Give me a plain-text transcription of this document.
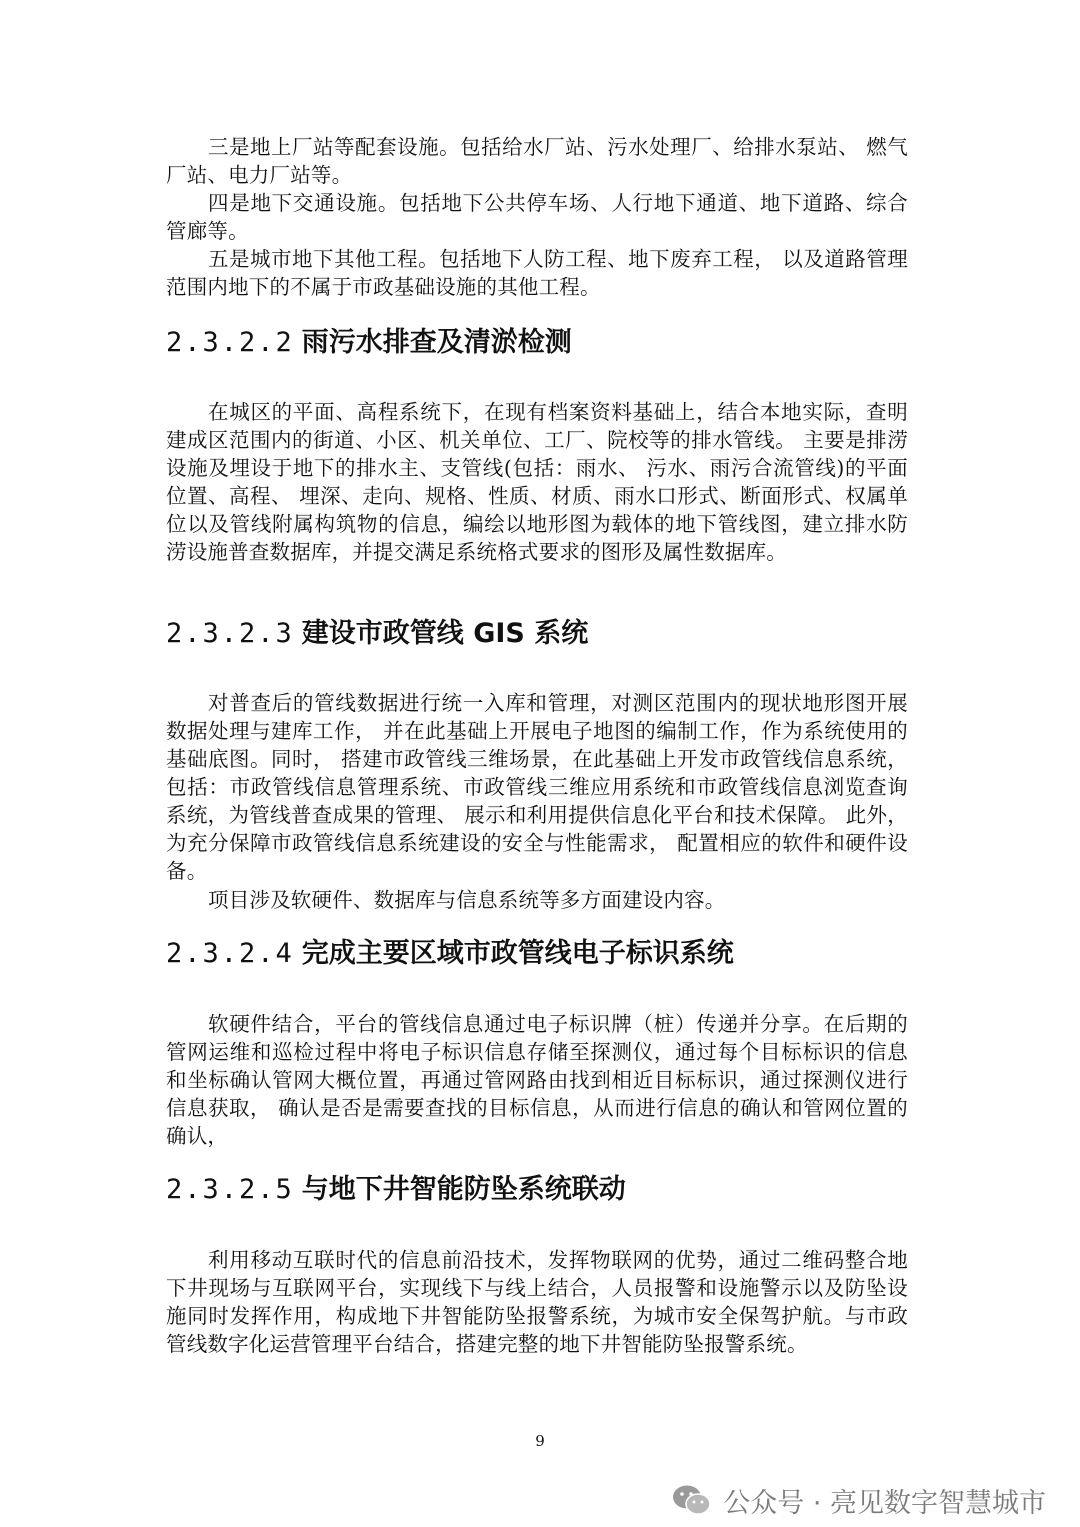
三是地上厂站等配套设施。包括给水厂站、污水处理厂、给排水泵站、 燃气厂站、电力厂站等。

四是地下交通设施。包括地下公共停车场、人行地下通道、地下道路、综合管廊等。

五是城市地下其他工程。包括地下人防工程、地下废弃工程， 以及道路管理范围内地下的不属于市政基础设施的其他工程。

2.3.2.2 雨污水排查及清淤检测

在城区的平面、高程系统下，在现有档案资料基础上，结合本地实际，查明建成区范围内的街道、小区、机关单位、工厂、院校等的排水管线。 主要是排涝设施及埋设于地下的排水主、支管线(包括：雨水、 污水、雨污合流管线)的平面位置、高程、 埋深、走向、规格、性质、材质、雨水口形式、断面形式、权属单位以及管线附属构筑物的信息，编绘以地形图为载体的地下管线图，建立排水防涝设施普查数据库，并提交满足系统格式要求的图形及属性数据库。

2.3.2.3 建设市政管线 GIS 系统

对普查后的管线数据进行统一入库和管理，对测区范围内的现状地形图开展数据处理与建库工作， 并在此基础上开展电子地图的编制工作，作为系统使用的基础底图。同时， 搭建市政管线三维场景，在此基础上开发市政管线信息系统，包括：市政管线信息管理系统、市政管线三维应用系统和市政管线信息浏览查询系统，为管线普查成果的管理、 展示和利用提供信息化平台和技术保障。 此外，为充分保障市政管线信息系统建设的安全与性能需求， 配置相应的软件和硬件设备。

项目涉及软硬件、数据库与信息系统等多方面建设内容。

2.3.2.4 完成主要区域市政管线电子标识系统

软硬件结合，平台的管线信息通过电子标识牌（桩）传递并分享。在后期的管网运维和巡检过程中将电子标识信息存储至探测仪，通过每个目标标识的信息和坐标确认管网大概位置，再通过管网路由找到相近目标标识，通过探测仪进行信息获取， 确认是否是需要查找的目标信息，从而进行信息的确认和管网位置的确认，

2.3.2.5 与地下井智能防坠系统联动

利用移动互联时代的信息前沿技术，发挥物联网的优势，通过二维码整合地下井现场与互联网平台，实现线下与线上结合，人员报警和设施警示以及防坠设施同时发挥作用，构成地下井智能防坠报警系统，为城市安全保驾护航。与市政管线数字化运营管理平台结合，搭建完整的地下井智能防坠报警系统。

9
公众号 · 亮见数字智慧城市
